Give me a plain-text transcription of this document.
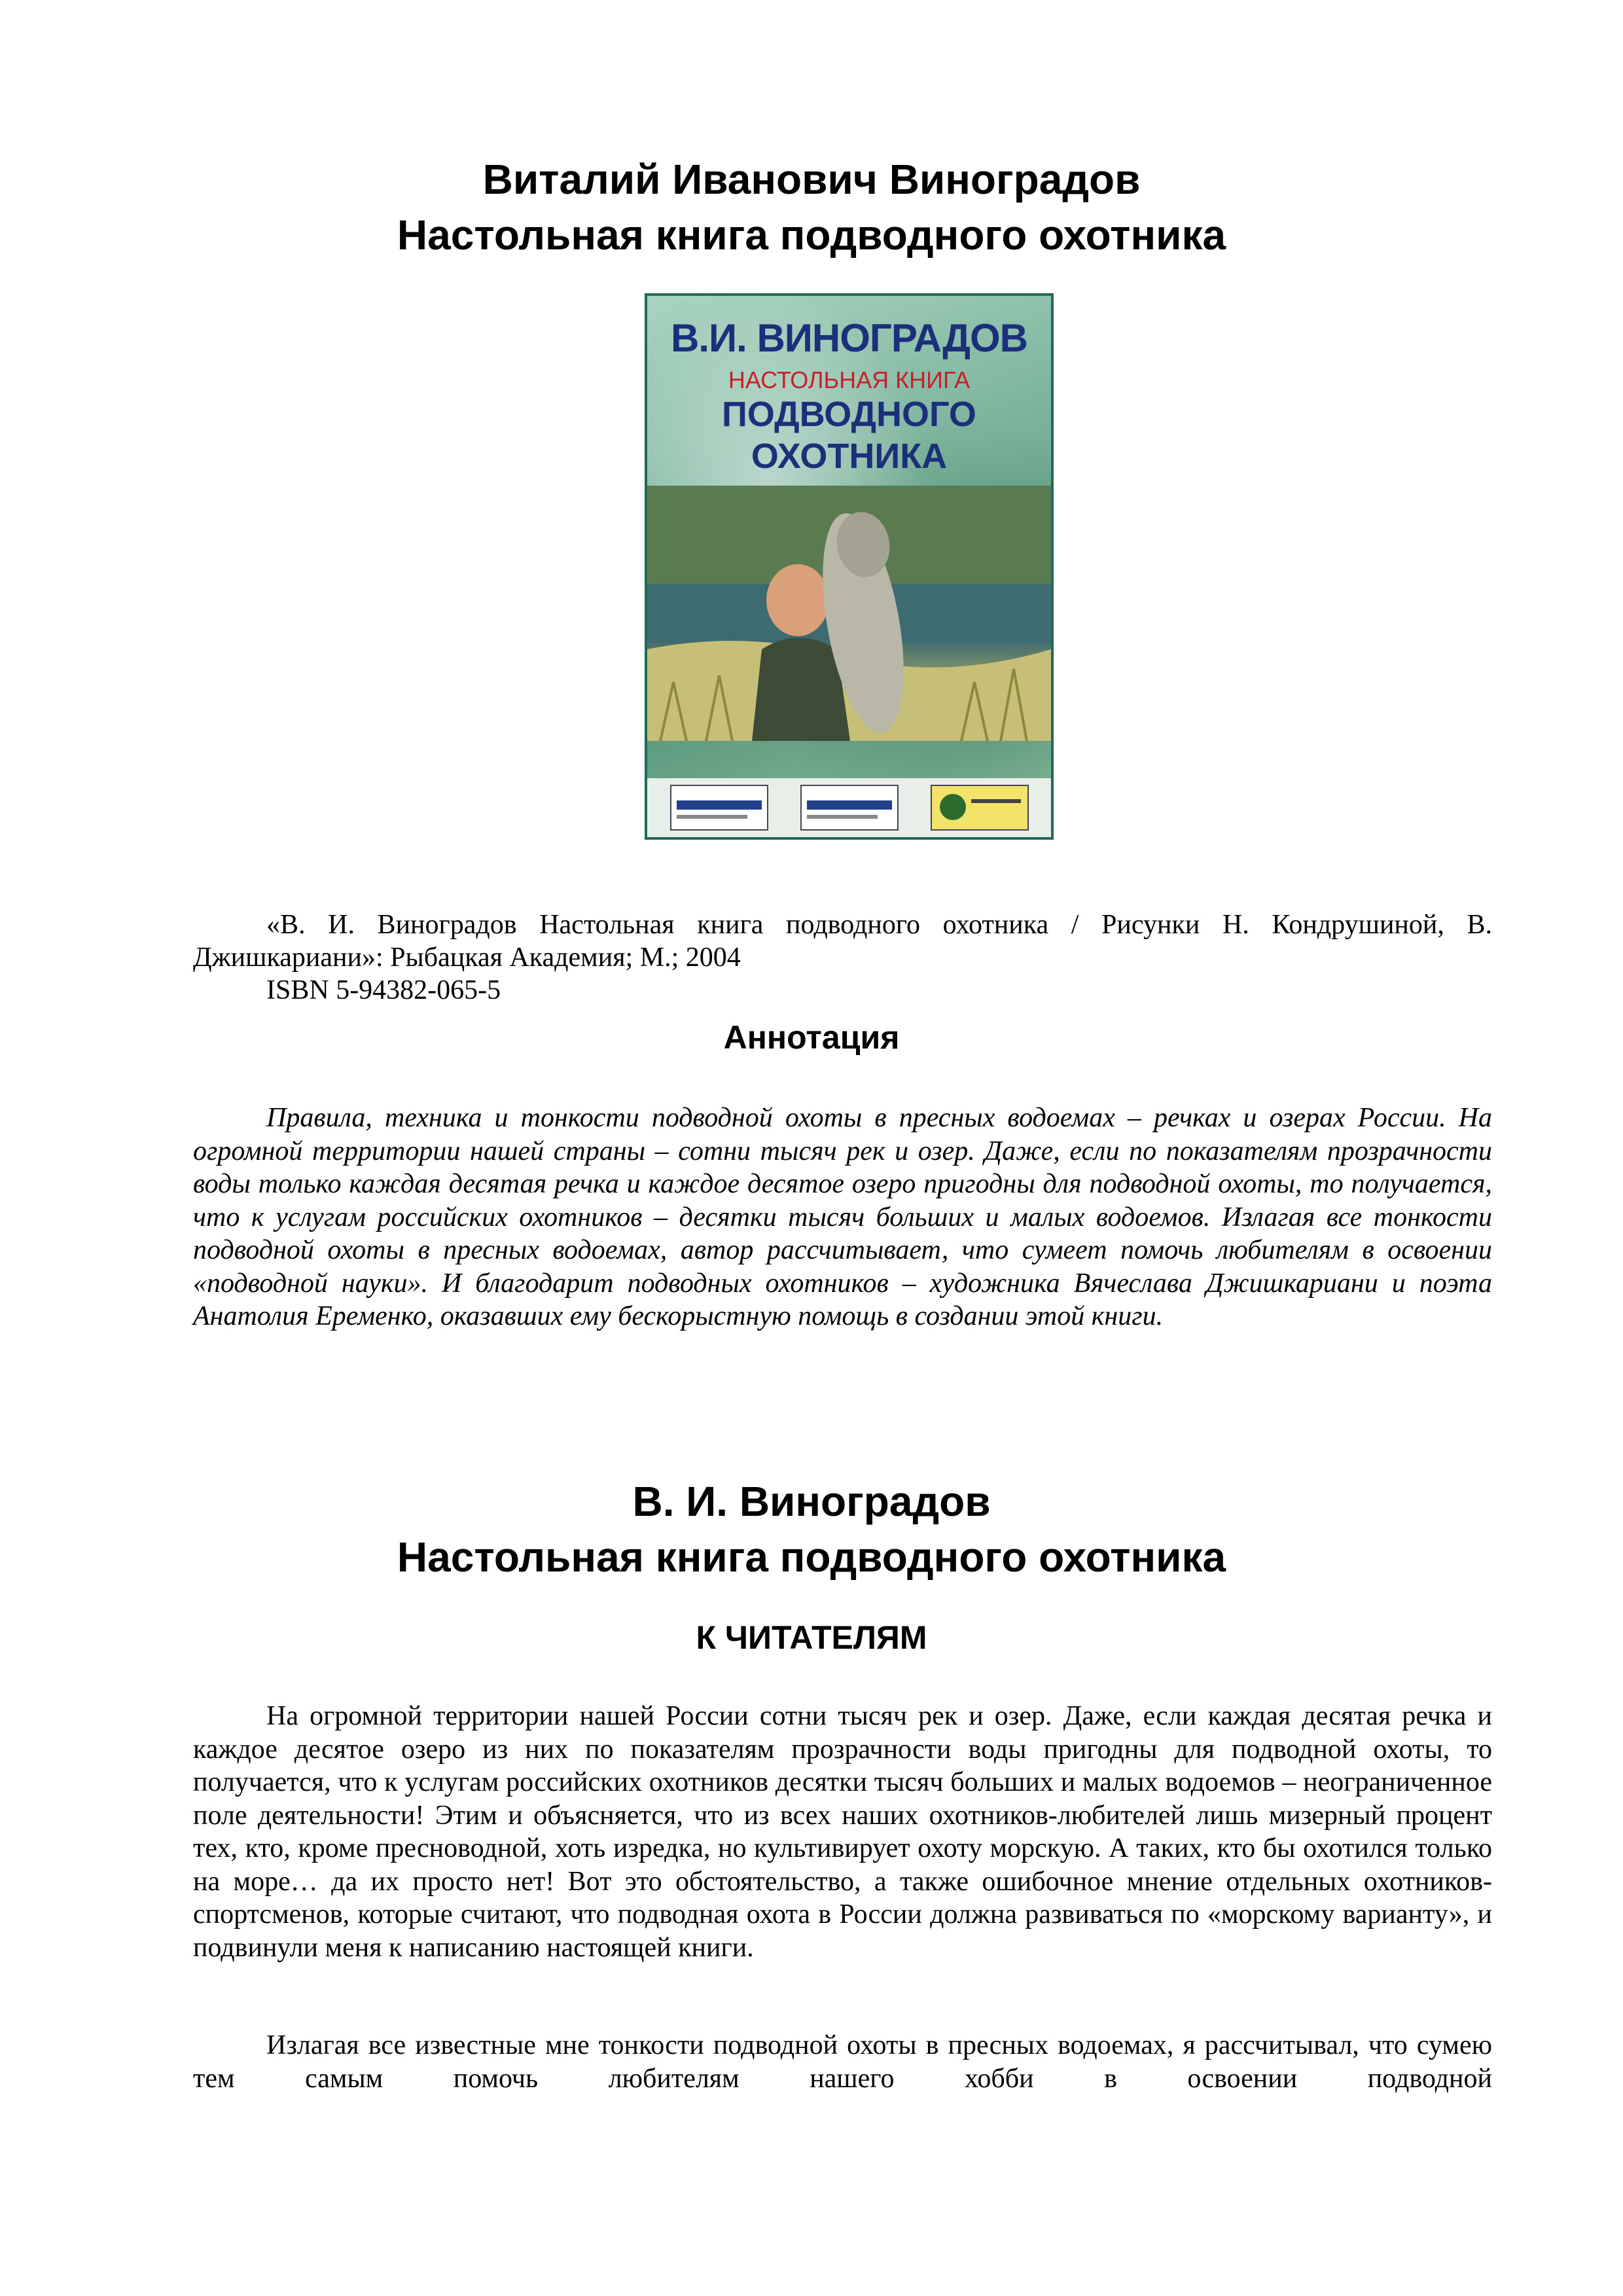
Виталий Иванович Виноградов
Настольная книга подводного охотника
В.И. ВИНОГРАДОВ
НАСТОЛЬНАЯ КНИГА
ПОДВОДНОГО
ОХОТНИКА

«В. И. Виноградов Настольная книга подводного охотника / Рисунки Н. Кондрушиной, В. Джишкариани»: Рыбацкая Академия; М.; 2004

ISBN 5-94382-065-5

Аннотация

Правила, техника и тонкости подводной охоты в пресных водоемах – речках и озерах России. На огромной территории нашей страны – сотни тысяч рек и озер. Даже, если по показателям прозрачности воды только каждая десятая речка и каждое десятое озеро пригодны для подводной охоты, то получается, что к услугам российских охотников – десятки тысяч больших и малых водоемов. Излагая все тонкости подводной охоты в пресных водоемах, автор рассчитывает, что сумеет помочь любителям в освоении «подводной науки». И благодарит подводных охотников – художника Вячеслава Джишкариани и поэта Анатолия Еременко, оказавших ему бескорыстную помощь в создании этой книги.

В. И. Виноградов
Настольная книга подводного охотника
К ЧИТАТЕЛЯМ

На огромной территории нашей России сотни тысяч рек и озер. Даже, если каждая десятая речка и каждое десятое озеро из них по показателям прозрачности воды пригодны для подводной охоты, то получается, что к услугам российских охотников десятки тысяч больших и малых водоемов – неограниченное поле деятельности! Этим и объясняется, что из всех наших охотников-любителей лишь мизерный процент тех, кто, кроме пресноводной, хоть изредка, но культивирует охоту морскую. А таких, кто бы охотился только на море… да их просто нет! Вот это обстоятельство, а также ошибочное мнение отдельных охотников-спортсменов, которые считают, что подводная охота в России должна развиваться по «морскому варианту», и подвинули меня к написанию настоящей книги.

Излагая все известные мне тонкости подводной охоты в пресных водоемах, я рассчитывал, что сумею тем самым помочь любителям нашего хобби в освоении подводной
